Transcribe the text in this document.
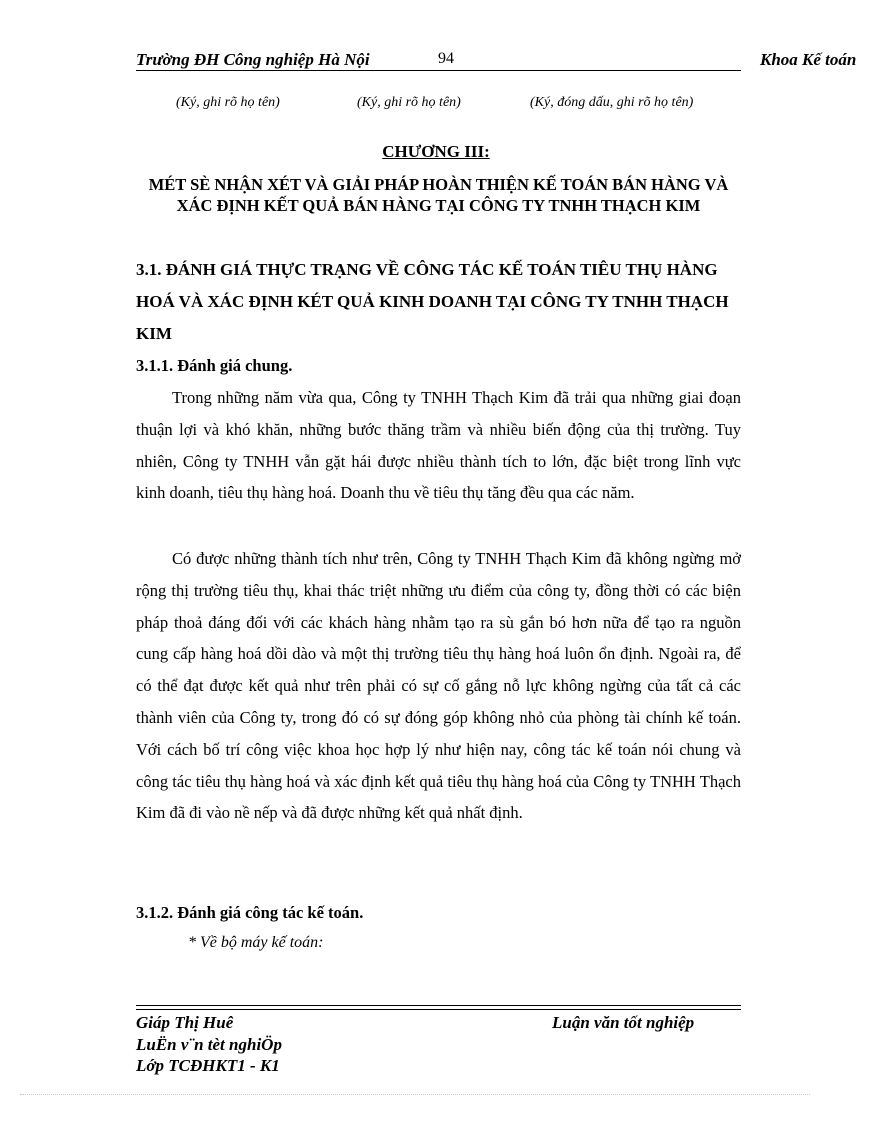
Trường ĐH Công nghiệp Hà Nội	94	Khoa Kế toán
(Ký, ghi rõ họ tên)	(Ký, ghi rõ họ tên)	(Ký, đóng dấu, ghi rõ họ tên)
CHƯƠNG III:
MÉT SÈ NHẬN XÉT VÀ GIẢI PHÁP HOÀN THIỆN KẾ TOÁN BÁN HÀNG VÀ XÁC ĐỊNH KẾT QUẢ BÁN HÀNG TẠI CÔNG TY TNHH THẠCH KIM
3.1. ĐÁNH GIÁ THỰC TRẠNG VỀ CÔNG TÁC KẾ TOÁN TIÊU THỤ HÀNG HOÁ VÀ XÁC ĐỊNH KÉT QUẢ KINH DOANH TẠI CÔNG TY TNHH THẠCH KIM
3.1.1. Đánh giá chung.
Trong những năm vừa qua, Công ty TNHH Thạch Kim đã trải qua những giai đoạn thuận lợi và khó khăn, những bước thăng trầm và nhiều biến động của thị trường. Tuy nhiên, Công ty TNHH vẫn gặt hái được nhiều thành tích to lớn, đặc biệt trong lĩnh vực kinh doanh, tiêu thụ hàng hoá. Doanh thu về tiêu thụ tăng đều qua các năm.
Có được những thành tích như trên, Công ty TNHH Thạch Kim đã không ngừng mở rộng thị trường tiêu thụ, khai thác triệt những ưu điểm của công ty, đồng thời có các biện pháp thoả đáng đối với các khách hàng nhằm tạo ra sù gắn bó hơn nữa để tạo ra nguồn cung cấp hàng hoá dồi dào và một thị trường tiêu thụ hàng hoá luôn ổn định. Ngoài ra, để có thể đạt được kết quả như trên phải có sự cố gắng nỗ lực không ngừng của tất cả các thành viên của Công ty, trong đó có sự đóng góp không nhỏ của phòng tài chính kế toán. Với cách bố trí công việc khoa học hợp lý như hiện nay, công tác kế toán nói chung và công tác tiêu thụ hàng hoá và xác định kết quả tiêu thụ hàng hoá của Công ty TNHH Thạch Kim đã đi vào nề nếp và đã được những kết quả nhất định.
3.1.2. Đánh giá công tác kế toán.
* Về bộ máy kế toán:
Giáp Thị Huê	Luận văn tốt nghiệp
LuËn v¨n tèt nghiÖp
Lớp TCĐHKT1 - K1
